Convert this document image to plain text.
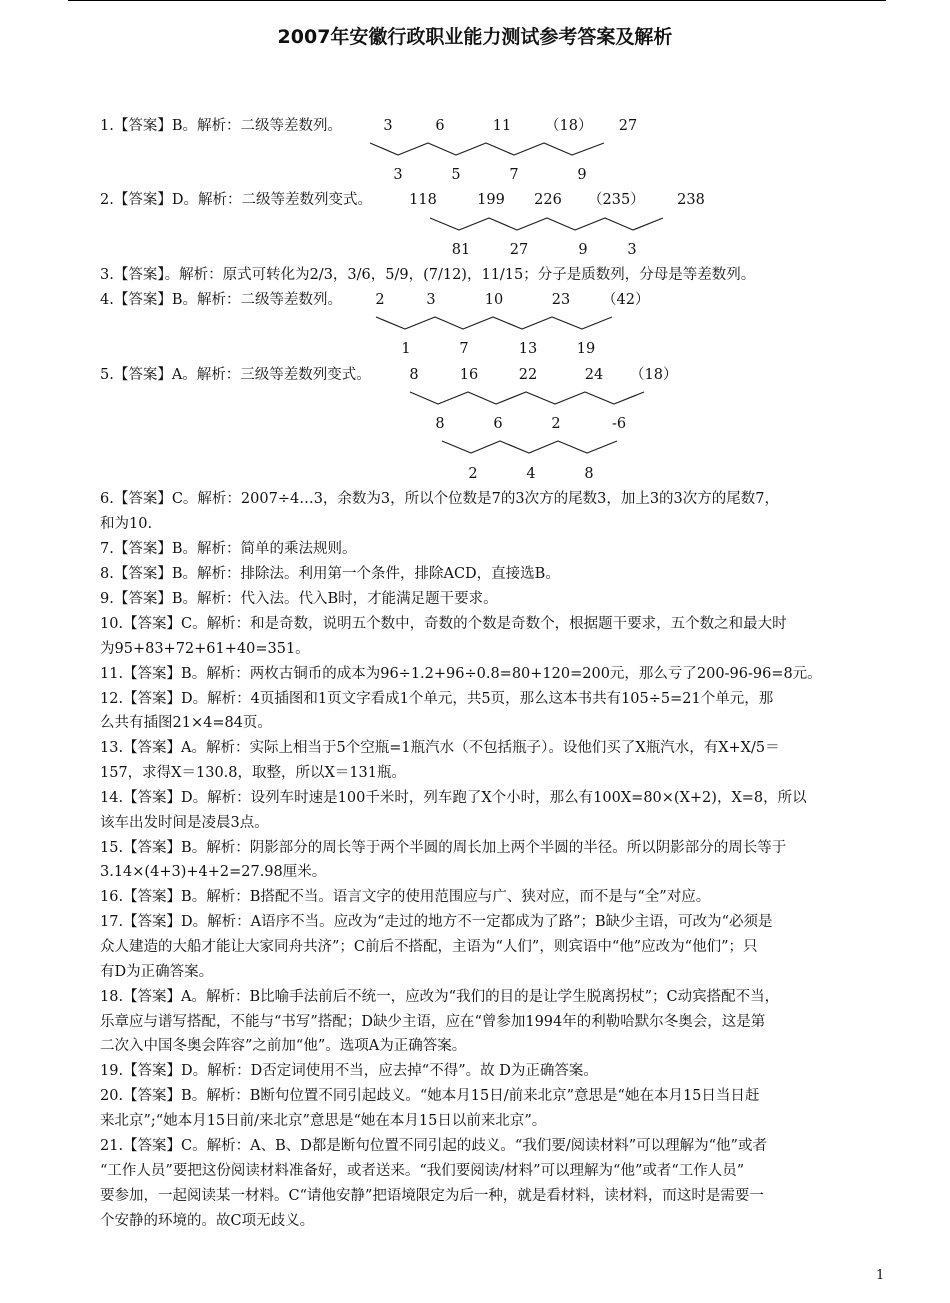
2007年安徽行政职业能力测试参考答案及解析
1.【答案】B。解析：二级等差数列。
2.【答案】D。解析：二级等差数列变式。
3.【答案】。解析：原式可转化为2/3，3/6，5/9，(7/12)，11/15；分子是质数列，分母是等差数列。
4.【答案】B。解析：二级等差数列。
5.【答案】A。解析：三级等差数列变式。
6.【答案】C。解析：2007÷4…3，余数为3，所以个位数是7的3次方的尾数3，加上3的3次方的尾数7，
和为10.
7.【答案】B。解析：简单的乘法规则。
8.【答案】B。解析：排除法。利用第一个条件，排除ACD，直接选B。
9.【答案】B。解析：代入法。代入B时，才能满足题干要求。
10.【答案】C。解析：和是奇数，说明五个数中，奇数的个数是奇数个，根据题干要求，五个数之和最大时
为95+83+72+61+40=351。
11.【答案】B。解析：两枚古铜币的成本为96÷1.2+96÷0.8=80+120=200元，那么亏了200-96-96=8元。
12.【答案】D。解析：4页插图和1页文字看成1个单元，共5页，那么这本书共有105÷5=21个单元，那
么共有插图21×4=84页。
13.【答案】A。解析：实际上相当于5个空瓶=1瓶汽水（不包括瓶子）。设他们买了X瓶汽水，有X+X/5＝
157，求得X＝130.8，取整，所以X＝131瓶。
14.【答案】D。解析：设列车时速是100千米时，列车跑了X个小时，那么有100X=80×(X+2)，X=8，所以
该车出发时间是凌晨3点。
15.【答案】B。解析：阴影部分的周长等于两个半圆的周长加上两个半圆的半径。所以阴影部分的周长等于
3.14×(4+3)+4+2=27.98厘米。
16.【答案】B。解析：B搭配不当。语言文字的使用范围应与广、狭对应，而不是与“全”对应。
17.【答案】D。解析：A语序不当。应改为“走过的地方不一定都成为了路”；B缺少主语，可改为“必须是
众人建造的大船才能让大家同舟共济”；C前后不搭配，主语为“人们”，则宾语中“他”应改为“他们”；只
有D为正确答案。
18.【答案】A。解析：B比喻手法前后不统一，应改为“我们的目的是让学生脱离拐杖”；C动宾搭配不当，
乐章应与谱写搭配，不能与“书写”搭配；D缺少主语，应在“曾参加1994年的利勒哈默尔冬奥会，这是第
二次入中国冬奥会阵容”之前加“他”。选项A为正确答案。
19.【答案】D。解析：D否定词使用不当，应去掉“不得”。故 D为正确答案。
20.【答案】B。解析：B断句位置不同引起歧义。“她本月15日/前来北京”意思是“她在本月15日当日赶
来北京”;“她本月15日前/来北京”意思是“她在本月15日以前来北京”。
21.【答案】C。解析：A、B、D都是断句位置不同引起的歧义。“我们要/阅读材料”可以理解为“他”或者
“工作人员”要把这份阅读材料准备好，或者送来。“我们要阅读/材料”可以理解为“他”或者“工作人员”
要参加，一起阅读某一材料。C“请他安静”把语境限定为后一种，就是看材料，读材料，而这时是需要一
个安静的环境的。故C项无歧义。
3	6	11	（18）	27
3	5	7	9
118	199 226 （235） 238
81	27	9	3
2	3	10	23	（42）
1	7	13	19
8	16	22	24	（18）
8	6	2	-6
2	4	8
1
